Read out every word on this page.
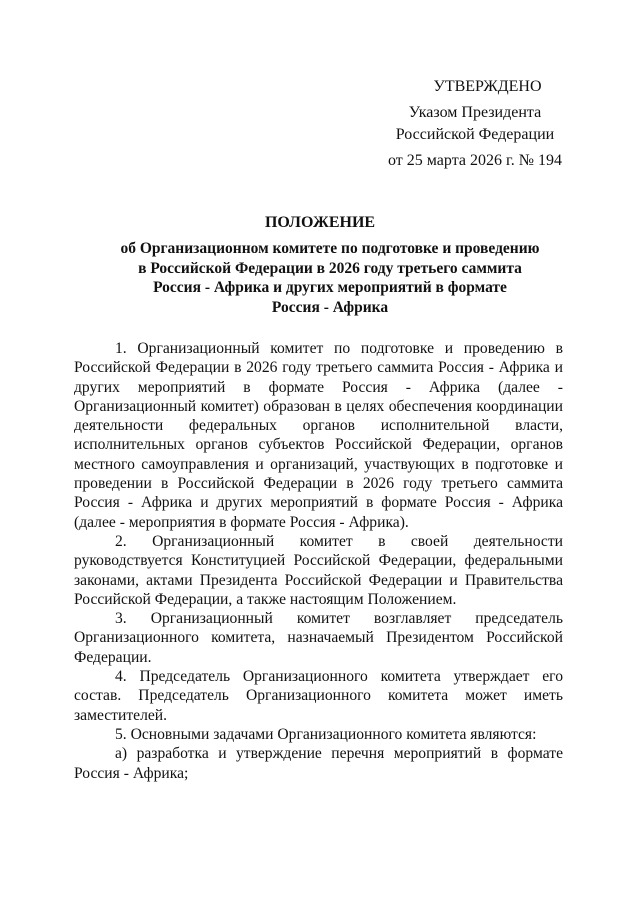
УТВЕРЖДЕНО
Указом Президента
Российской Федерации
от 25 марта 2026 г. № 194
ПОЛОЖЕНИЕ
об Организационном комитете по подготовке и проведению
в Российской Федерации в 2026 году третьего саммита
Россия - Африка и других мероприятий в формате
Россия - Африка

1. Организационный комитет по подготовке и проведению в Российской Федерации в 2026 году третьего саммита Россия - Африка и других мероприятий в формате Россия - Африка (далее - Организационный комитет) образован в целях обеспечения координации деятельности федеральных органов исполнительной власти, исполнительных органов субъектов Российской Федерации, органов местного самоуправления и организаций, участвующих в подготовке и проведении в Российской Федерации в 2026 году третьего саммита Россия - Африка и других мероприятий в формате Россия - Африка (далее - мероприятия в формате Россия - Африка).

2. Организационный комитет в своей деятельности руководствуется Конституцией Российской Федерации, федеральными законами, актами Президента Российской Федерации и Правительства Российской Федерации, а также настоящим Положением.

3. Организационный комитет возглавляет председатель Организационного комитета, назначаемый Президентом Российской Федерации.

4. Председатель Организационного комитета утверждает его состав. Председатель Организационного комитета может иметь заместителей.

5. Основными задачами Организационного комитета являются:

а) разработка и утверждение перечня мероприятий в формате Россия - Африка;
